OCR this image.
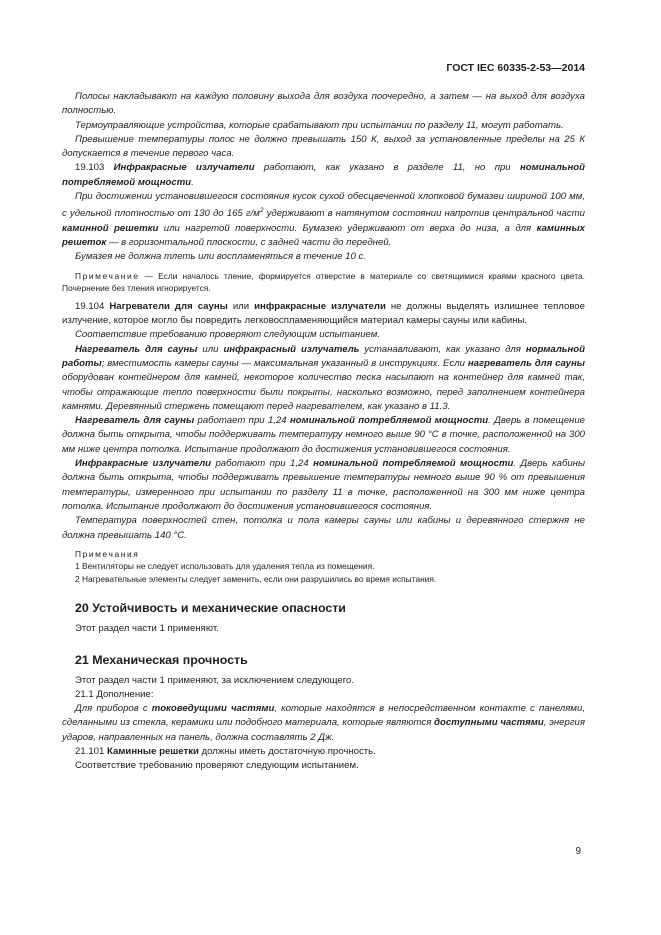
ГОСТ IEC 60335-2-53—2014

Полосы накладывают на каждую половину выхода для воздуха поочередно, а затем — на выход для воздуха полностью.

Термоуправляющие устройства, которые срабатывают при испытании по разделу 11, могут работать.

Превышение температуры полос не должно превышать 150 К, выход за установленные пределы на 25 К допускается в течение первого часа.

19.103 Инфракрасные излучатели работают, как указано в разделе 11, но при номинальной потребляемой мощности.

При достижении установившегося состояния кусок сухой обесцвеченной хлопковой бумазеи шириной 100 мм, с удельной плотностью от 130 до 165 $г/м^2$ удерживают в натянутом состоянии напротив центральной части каминной решетки или нагретой поверхности. Бумазею удерживают от верха до низа, а для каминных решеток — в горизонтальной плоскости, с задней части до передней.

Бумазея не должна тлеть или воспламеняться в течение 10 с.

Примечание — Если началось тление, формируется отверстие в материале со светящимися краями красного цвета. Почернение без тления игнорируется.

19.104 Нагреватели для сауны или инфракрасные излучатели не должны выделять излишнее тепловое излучение, которое могло бы повредить легковоспламеняющийся материал камеры сауны или кабины.

Соответствие требованию проверяют следующим испытанием.

Нагреватель для сауны или инфракрасный излучатель устанавливают, как указано для нормальной работы; вместимость камеры сауны — максимальная указанный в инструкциях. Если нагреватель для сауны оборудован контейнером для камней, некоторое количество песка насыпают на контейнер для камней так, чтобы отражающие тепло поверхности были покрыты, насколько возможно, перед заполнением контейнера камнями. Деревянный стержень помещают перед нагревателем, как указано в 11.3.

Нагреватель для сауны работает при 1,24 номинальной потребляемой мощности. Дверь в помещение должна быть открыта, чтобы поддерживать температуру немного выше 90 °С в точке, расположенной на 300 мм ниже центра потолка. Испытание продолжают до достижения установившегося состояния.

Инфракрасные излучатели работают при 1,24 номинальной потребляемой мощности. Дверь кабины должна быть открыта, чтобы поддерживать превышение температуры немного выше 90 % от превышения температуры, измеренного при испытании по разделу 11 в точке, расположенной на 300 мм ниже центра потолка. Испытание продолжают до достижения установившегося состояния.

Температура поверхностей стен, потолка и пола камеры сауны или кабины и деревянного стержня не должна превышать 140 °С.

Примечания

1 Вентиляторы не следует использовать для удаления тепла из помещения.

2 Нагревательные элементы следует заменить, если они разрушились во время испытания.

20 Устойчивость и механические опасности

Этот раздел части 1 применяют.

21 Механическая прочность

Этот раздел части 1 применяют, за исключением следующего.

21.1 Дополнение:

Для приборов с токоведущими частями, которые находятся в непосредственном контакте с панелями, сделанными из стекла, керамики или подобного материала, которые являются доступными частями, энергия ударов, направленных на панель, должна составлять 2 Дж.

21.101 Каминные решетки должны иметь достаточную прочность.

Соответствие требованию проверяют следующим испытанием.

9
